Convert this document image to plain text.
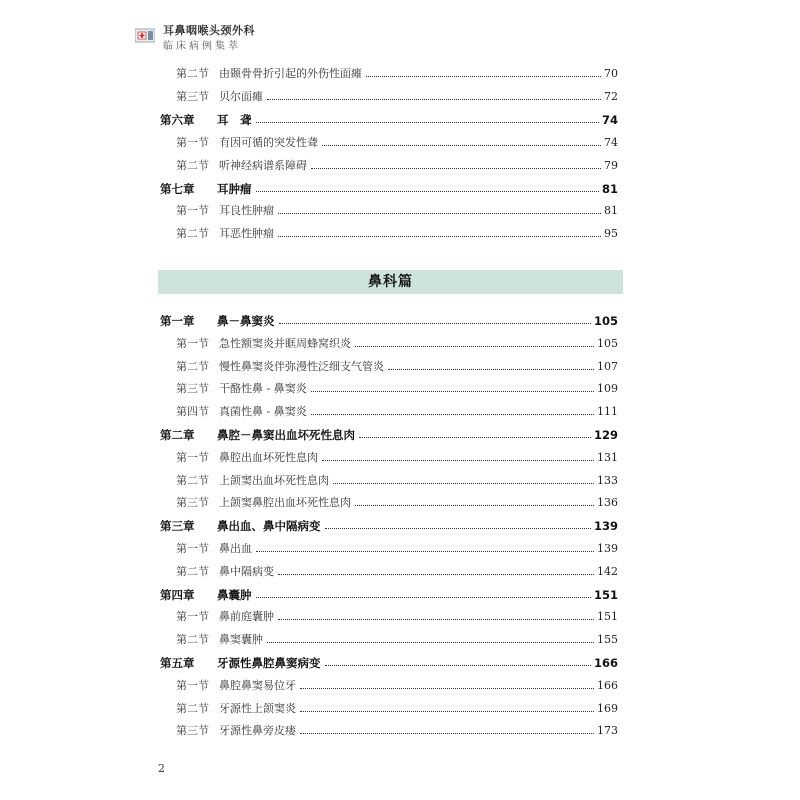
耳鼻咽喉头颈外科
临床病例集萃
第二节 由颞骨骨折引起的外伤性面瘫	70
第三节 贝尔面瘫	72
第六章 耳　聋	74
第一节 有因可循的突发性聋	74
第二节 听神经病谱系障碍	79
第七章 耳肿瘤	81
第一节 耳良性肿瘤	81
第二节 耳恶性肿瘤	95
鼻科篇
第一章 鼻－鼻窦炎	105
第一节 急性额窦炎并眶周蜂窝织炎	105
第二节 慢性鼻窦炎伴弥漫性泛细支气管炎	107
第三节 干酪性鼻 - 鼻窦炎	109
第四节 真菌性鼻 - 鼻窦炎	111
第二章 鼻腔－鼻窦出血坏死性息肉	129
第一节 鼻腔出血坏死性息肉	131
第二节 上颌窦出血坏死性息肉	133
第三节 上颌窦鼻腔出血坏死性息肉	136
第三章 鼻出血、鼻中隔病变	139
第一节 鼻出血	139
第二节 鼻中隔病变	142
第四章 鼻囊肿	151
第一节 鼻前庭囊肿	151
第二节 鼻窦囊肿	155
第五章 牙源性鼻腔鼻窦病变	166
第一节 鼻腔鼻窦易位牙	166
第二节 牙源性上颌窦炎	169
第三节 牙源性鼻旁皮瘘	173
2
